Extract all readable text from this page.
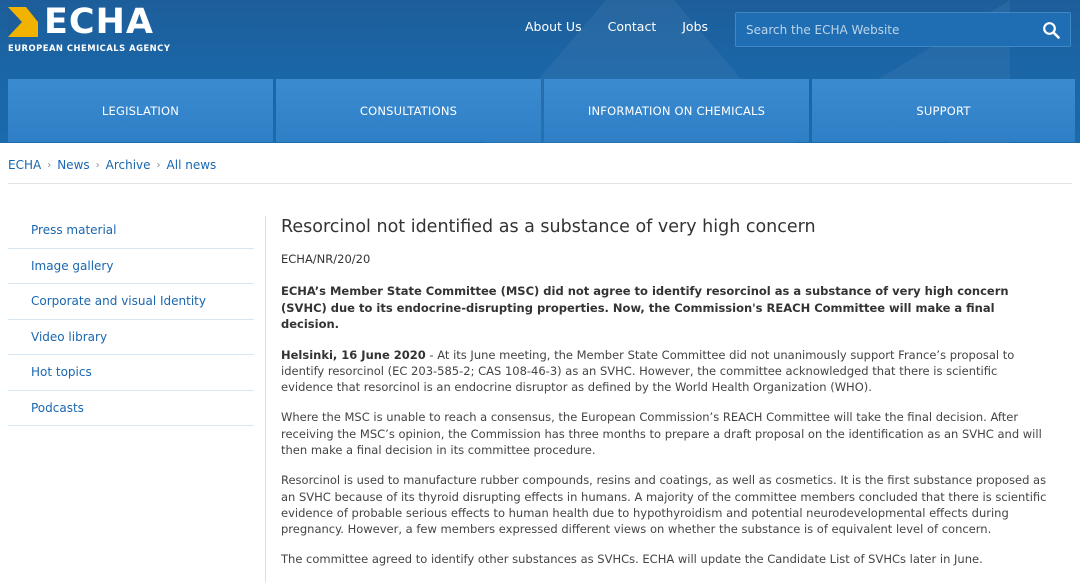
ECHA
EUROPEAN CHEMICALS AGENCY
About Us Contact Jobs
Search the ECHA Website
LEGISLATION	CONSULTATIONS	INFORMATION ON CHEMICALS	SUPPORT
ECHA › News › Archive › All news
Press material
Image gallery
Corporate and visual Identity
Video library
Hot topics
Podcasts
Resorcinol not identified as a substance of very high concern
ECHA/NR/20/20
ECHA’s Member State Committee (MSC) did not agree to identify resorcinol as a substance of very high concern (SVHC) due to its endocrine-disrupting properties. Now, the Commission's REACH Committee will make a final decision.
Helsinki, 16 June 2020 - At its June meeting, the Member State Committee did not unanimously support France’s proposal to identify resorcinol (EC 203-585-2; CAS 108-46-3) as an SVHC. However, the committee acknowledged that there is scientific evidence that resorcinol is an endocrine disruptor as defined by the World Health Organization (WHO).
Where the MSC is unable to reach a consensus, the European Commission’s REACH Committee will take the final decision. After receiving the MSC’s opinion, the Commission has three months to prepare a draft proposal on the identification as an SVHC and will then make a final decision in its committee procedure.
Resorcinol is used to manufacture rubber compounds, resins and coatings, as well as cosmetics. It is the first substance proposed as an SVHC because of its thyroid disrupting effects in humans. A majority of the committee members concluded that there is scientific evidence of probable serious effects to human health due to hypothyroidism and potential neurodevelopmental effects during pregnancy. However, a few members expressed different views on whether the substance is of equivalent level of concern.
The committee agreed to identify other substances as SVHCs. ECHA will update the Candidate List of SVHCs later in June.
